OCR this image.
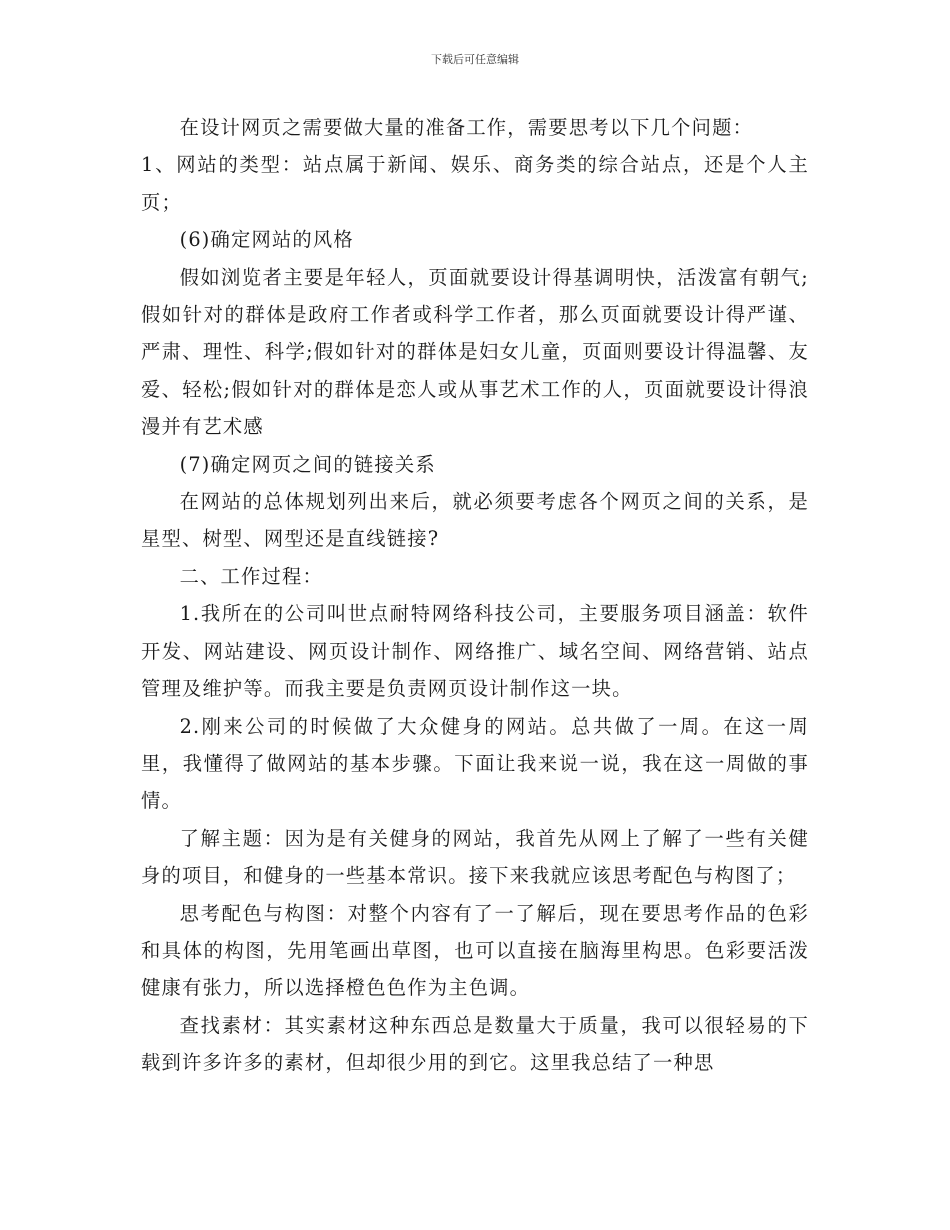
下载后可任意编辑

在设计网页之需要做大量的准备工作，需要思考以下几个问题：

1、网站的类型：站点属于新闻、娱乐、商务类的综合站点，还是个人主页；

(6)确定网站的风格

假如浏览者主要是年轻人，页面就要设计得基调明快，活泼富有朝气;假如针对的群体是政府工作者或科学工作者，那么页面就要设计得严谨、严肃、理性、科学;假如针对的群体是妇女儿童，页面则要设计得温馨、友爱、轻松;假如针对的群体是恋人或从事艺术工作的人，页面就要设计得浪漫并有艺术感

(7)确定网页之间的链接关系

在网站的总体规划列出来后，就必须要考虑各个网页之间的关系，是星型、树型、网型还是直线链接?

二、工作过程：

1.我所在的公司叫世点耐特网络科技公司，主要服务项目涵盖：软件开发、网站建设、网页设计制作、网络推广、域名空间、网络营销、站点管理及维护等。而我主要是负责网页设计制作这一块。

2.刚来公司的时候做了大众健身的网站。总共做了一周。在这一周里，我懂得了做网站的基本步骤。下面让我来说一说，我在这一周做的事情。

了解主题：因为是有关健身的网站，我首先从网上了解了一些有关健身的项目，和健身的一些基本常识。接下来我就应该思考配色与构图了；

思考配色与构图：对整个内容有了一了解后，现在要思考作品的色彩和具体的构图，先用笔画出草图，也可以直接在脑海里构思。色彩要活泼健康有张力，所以选择橙色色作为主色调。

查找素材：其实素材这种东西总是数量大于质量，我可以很轻易的下载到许多许多的素材，但却很少用的到它。这里我总结了一种思
